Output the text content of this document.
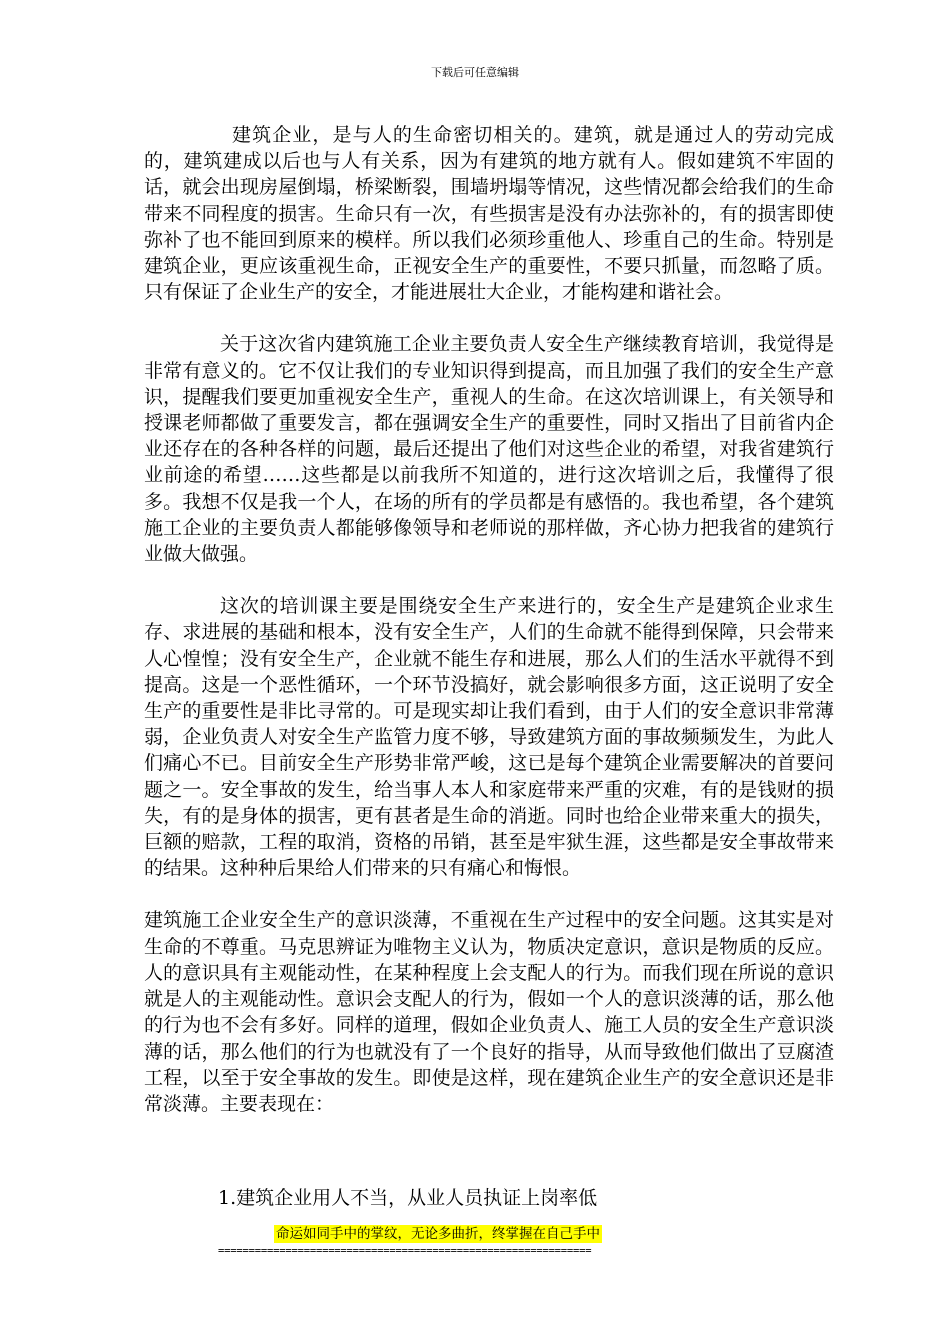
下载后可任意编辑

建筑企业，是与人的生命密切相关的。建筑，就是通过人的劳动完成的，建筑建成以后也与人有关系，因为有建筑的地方就有人。假如建筑不牢固的话，就会出现房屋倒塌，桥梁断裂，围墙坍塌等情况，这些情况都会给我们的生命带来不同程度的损害。生命只有一次，有些损害是没有办法弥补的，有的损害即使弥补了也不能回到原来的模样。所以我们必须珍重他人、珍重自己的生命。特别是建筑企业，更应该重视生命，正视安全生产的重要性，不要只抓量，而忽略了质。只有保证了企业生产的安全，才能进展壮大企业，才能构建和谐社会。

关于这次省内建筑施工企业主要负责人安全生产继续教育培训，我觉得是非常有意义的。它不仅让我们的专业知识得到提高，而且加强了我们的安全生产意识，提醒我们要更加重视安全生产，重视人的生命。在这次培训课上，有关领导和授课老师都做了重要发言，都在强调安全生产的重要性，同时又指出了目前省内企业还存在的各种各样的问题，最后还提出了他们对这些企业的希望，对我省建筑行业前途的希望……这些都是以前我所不知道的，进行这次培训之后，我懂得了很多。我想不仅是我一个人，在场的所有的学员都是有感悟的。我也希望，各个建筑施工企业的主要负责人都能够像领导和老师说的那样做，齐心协力把我省的建筑行业做大做强。

这次的培训课主要是围绕安全生产来进行的，安全生产是建筑企业求生存、求进展的基础和根本，没有安全生产，人们的生命就不能得到保障，只会带来人心惶惶；没有安全生产，企业就不能生存和进展，那么人们的生活水平就得不到提高。这是一个恶性循环，一个环节没搞好，就会影响很多方面，这正说明了安全生产的重要性是非比寻常的。可是现实却让我们看到，由于人们的安全意识非常薄弱，企业负责人对安全生产监管力度不够，导致建筑方面的事故频频发生，为此人们痛心不已。目前安全生产形势非常严峻，这已是每个建筑企业需要解决的首要问题之一。安全事故的发生，给当事人本人和家庭带来严重的灾难，有的是钱财的损失，有的是身体的损害，更有甚者是生命的消逝。同时也给企业带来重大的损失，巨额的赔款，工程的取消，资格的吊销，甚至是牢狱生涯，这些都是安全事故带来的结果。这种种后果给人们带来的只有痛心和悔恨。

建筑施工企业安全生产的意识淡薄，不重视在生产过程中的安全问题。这其实是对生命的不尊重。马克思辨证为唯物主义认为，物质决定意识，意识是物质的反应。人的意识具有主观能动性，在某种程度上会支配人的行为。而我们现在所说的意识就是人的主观能动性。意识会支配人的行为，假如一个人的意识淡薄的话，那么他的行为也不会有多好。同样的道理，假如企业负责人、施工人员的安全生产意识淡薄的话，那么他们的行为也就没有了一个良好的指导，从而导致他们做出了豆腐渣工程，以至于安全事故的发生。即使是这样，现在建筑企业生产的安全意识还是非常淡薄。主要表现在：

1.建筑企业用人不当，从业人员执证上岗率低
命运如同手中的掌纹，无论多曲折，终掌握在自己手中
=============================================================
